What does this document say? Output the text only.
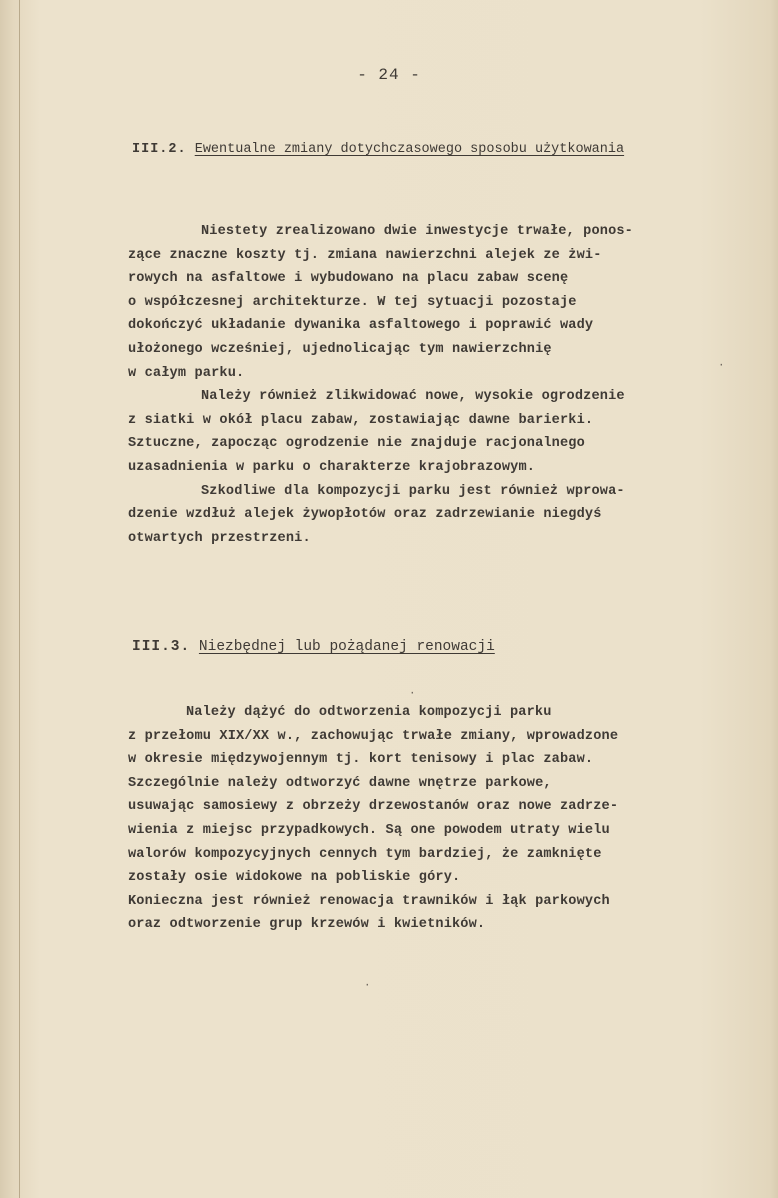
- 24 -
III.2. Ewentualne zmiany dotychczasowego sposobu użytkowania
Niestety zrealizowano dwie inwestycje trwałe, ponos-
zące znaczne koszty tj. zmiana nawierzchni alejek ze żwi-
rowych na asfaltowe i wybudowano na placu zabaw scenę
o współczesnej architekturze. W tej sytuacji pozostaje
dokończyć układanie dywanika asfaltowego i poprawić wady
ułożonego wcześniej, ujednolicając tym nawierzchnię
w całym parku.
Należy również zlikwidować nowe, wysokie ogrodzenie
z siatki w okół placu zabaw, zostawiając dawne barierki.
Sztuczne, zapocząc ogrodzenie nie znajduje racjonalnego
uzasadnienia w parku o charakterze krajobrazowym.
Szkodliwe dla kompozycji parku jest również wprowa-
dzenie wzdłuż alejek żywopłotów oraz zadrzewianie niegdyś
otwartych przestrzeni.
III.3. Niezbędnej lub pożądanej renowacji
Należy dążyć do odtworzenia kompozycji parku
z przełomu XIX/XX w., zachowując trwałe zmiany, wprowadzone
w okresie międzywojennym tj. kort tenisowy i plac zabaw.
Szczególnie należy odtworzyć dawne wnętrze parkowe,
usuwając samosiewy z obrzeży drzewostanów oraz nowe zadrze-
wienia z miejsc przypadkowych. Są one powodem utraty wielu
walorów kompozycyjnych cennych tym bardziej, że zamknięte
zostały osie widokowe na pobliskie góry.
Konieczna jest również renowacja trawników i łąk parkowych
oraz odtworzenie grup krzewów i kwietników.
·
·
·
